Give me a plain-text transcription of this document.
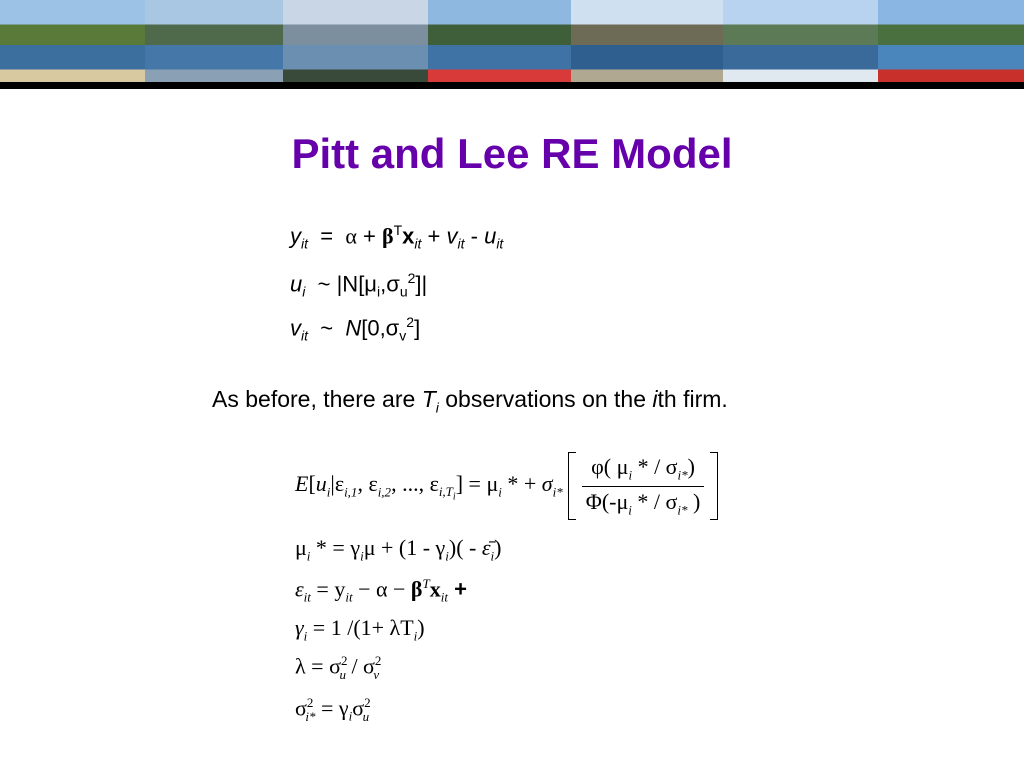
Pitt and Lee RE Model
$y_{it} = \alpha + \beta^Tx_{it} + v_{it} - u_{it}$
$u_i$ ~ $|N[\mu_i,\sigma_u^2]|$
$v_{it}$ ~ $N[0,\sigma_v^2]$
As before, there are $T_i$ observations on the ith firm.
$E[u_i|\varepsilon_{i,1}$, $\varepsilon_{i,2}$, ..., $\varepsilon_{i,T_i}] = \mu_i$ * + $\sigma_{i*} \frac{\varphi( \mu_i * / \sigma_{i*})}{\Phi(-\mu_i * / \sigma_{i*} )}$

$\mu_i$ * = $\gamma_i\mu + (1 - \gamma_i)$( - $\varepsilon̄_i$)
$\varepsilon_{it} = y_{it} - \alpha - \beta^Tx_{it}$ +
$\gamma_i = 1$ $/(1+ \lambda T_i)$
$\lambda = \sigma^2_u / \sigma^2_v$
$\sigma^2_{i*} = \gamma_i\sigma^2_u$
